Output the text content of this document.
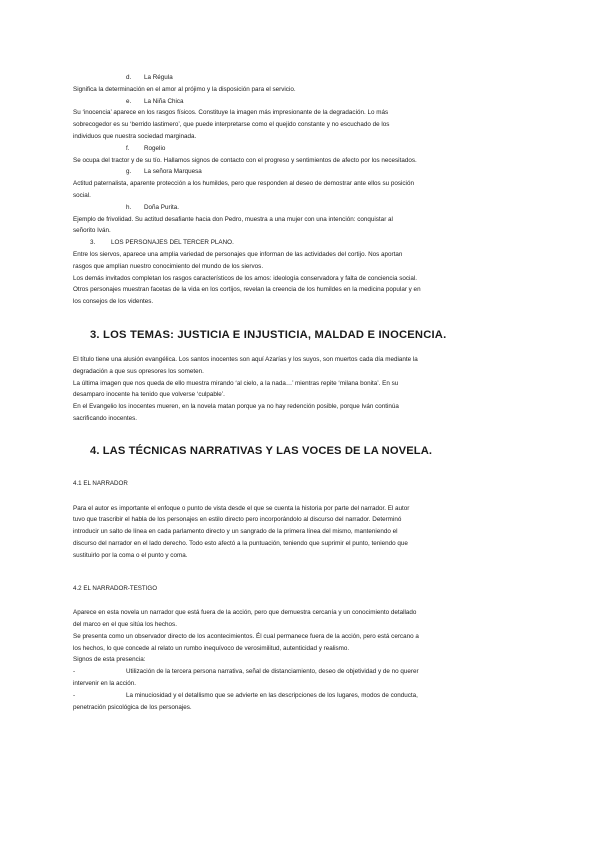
d.	La Régula

Significa la determinación en el amor al prójimo y la disposición para el servicio.

e.	La Niña Chica

Su ‘inocencia’ aparece en los rasgos físicos. Constituye la imagen más impresionante de la degradación. Lo más

sobrecogedor es su ‘berrido lastimero’, que puede interpretarse como el quejido constante y no escuchado de los

individuos que nuestra sociedad marginada.

f.	Rogelio

Se ocupa del tractor y de su tío. Hallamos signos de contacto con el progreso y sentimientos de afecto por los necesitados.

g.	La señora Marquesa

Actitud paternalista, aparente protección a los humildes, pero que responden al deseo de demostrar ante ellos su posición

social.

h.	Doña Purita.

Ejemplo de frivolidad. Su actitud desafiante hacia don Pedro, muestra a una mujer con una intención: conquistar al

señorito Iván.

3.	LOS PERSONAJES DEL TERCER PLANO.

Entre los siervos, aparece una amplia variedad de personajes que informan de las actividades del cortijo. Nos aportan

rasgos que amplían nuestro conocimiento del mundo de los siervos.

Los demás invitados completan los rasgos característicos de los amos: ideología conservadora y falta de conciencia social.

Otros personajes muestran facetas de la vida en los cortijos, revelan la creencia de los humildes en la medicina popular y en

los consejos de los videntes.

3. LOS TEMAS: JUSTICIA E INJUSTICIA, MALDAD E INOCENCIA.

El título tiene una alusión evangélica. Los santos inocentes son aquí Azarías y los suyos, son muertos cada día mediante la

degradación a que sus opresores los someten.

La última imagen que nos queda de ello muestra mirando ‘al cielo, a la nada…’ mientras repite ‘milana bonita’. En su

desamparo inocente ha tenido que volverse ‘culpable’.

En el Evangelio los inocentes mueren, en la novela matan porque ya no hay redención posible, porque Iván continúa

sacrificando inocentes.

4. LAS TÉCNICAS NARRATIVAS Y LAS VOCES DE LA NOVELA.

4.1 EL NARRADOR

Para el autor es importante el enfoque o punto de vista desde el que se cuenta la historia por parte del narrador. El autor

tuvo que trascribir el habla de los personajes en estilo directo pero incorporándolo al discurso del narrador. Determinó

introducir un salto de línea en cada parlamento directo y un sangrado de la primera línea del mismo, manteniendo el

discurso del narrador en el lado derecho. Todo esto afectó a la puntuación, teniendo que suprimir el punto, teniendo que

sustituirlo por la coma o el punto y coma.

4.2 EL NARRADOR-TESTIGO

Aparece en esta novela un narrador que está fuera de la acción, pero que demuestra cercanía y un conocimiento detallado

del marco en el que sitúa los hechos.

Se presenta como un observador directo de los acontecimientos. Él cual permanece fuera de la acción, pero está cercano a

los hechos, lo que concede al relato un rumbo inequívoco de verosimilitud, autenticidad y realismo.

Signos de esta presencia:

-	Utilización de la tercera persona narrativa, señal de distanciamiento, deseo de objetividad y de no querer

intervenir en la acción.

-	La minuciosidad y el detallismo que se advierte en las descripciones de los lugares, modos de conducta,

penetración psicológica de los personajes.
